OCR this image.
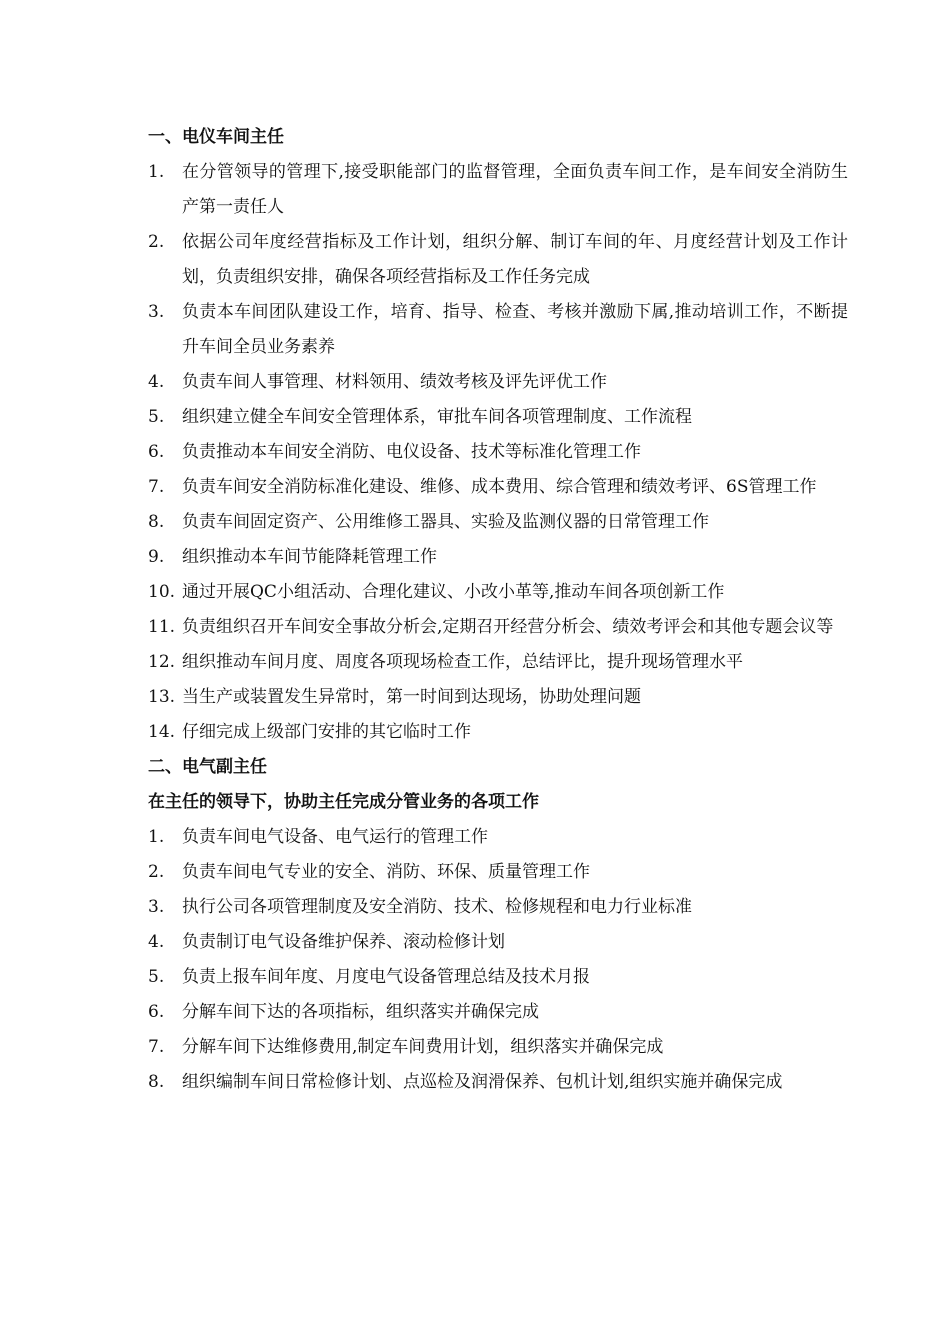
一、电仪车间主任
1.	在分管领导的管理下,接受职能部门的监督管理，全面负责车间工作，是车间安全消防生产第一责任人
2.	依据公司年度经营指标及工作计划，组织分解、制订车间的年、月度经营计划及工作计划，负责组织安排，确保各项经营指标及工作任务完成
3.	负责本车间团队建设工作，培育、指导、检查、考核并激励下属,推动培训工作，不断提升车间全员业务素养
4.	负责车间人事管理、材料领用、绩效考核及评先评优工作
5.	组织建立健全车间安全管理体系，审批车间各项管理制度、工作流程
6.	负责推动本车间安全消防、电仪设备、技术等标准化管理工作
7.	负责车间安全消防标准化建设、维修、成本费用、综合管理和绩效考评、6S管理工作
8.	负责车间固定资产、公用维修工器具、实验及监测仪器的日常管理工作
9.	组织推动本车间节能降耗管理工作
10. 通过开展QC小组活动、合理化建议、小改小革等,推动车间各项创新工作
11. 负责组织召开车间安全事故分析会,定期召开经营分析会、绩效考评会和其他专题会议等
12. 组织推动车间月度、周度各项现场检查工作，总结评比，提升现场管理水平
13. 当生产或装置发生异常时，第一时间到达现场，协助处理问题
14. 仔细完成上级部门安排的其它临时工作
二、电气副主任
在主任的领导下，协助主任完成分管业务的各项工作
1.	负责车间电气设备、电气运行的管理工作
2.	负责车间电气专业的安全、消防、环保、质量管理工作
3.	执行公司各项管理制度及安全消防、技术、检修规程和电力行业标准
4.	负责制订电气设备维护保养、滚动检修计划
5.	负责上报车间年度、月度电气设备管理总结及技术月报
6.	分解车间下达的各项指标，组织落实并确保完成
7.	分解车间下达维修费用,制定车间费用计划，组织落实并确保完成
8.	组织编制车间日常检修计划、点巡检及润滑保养、包机计划,组织实施并确保完成
